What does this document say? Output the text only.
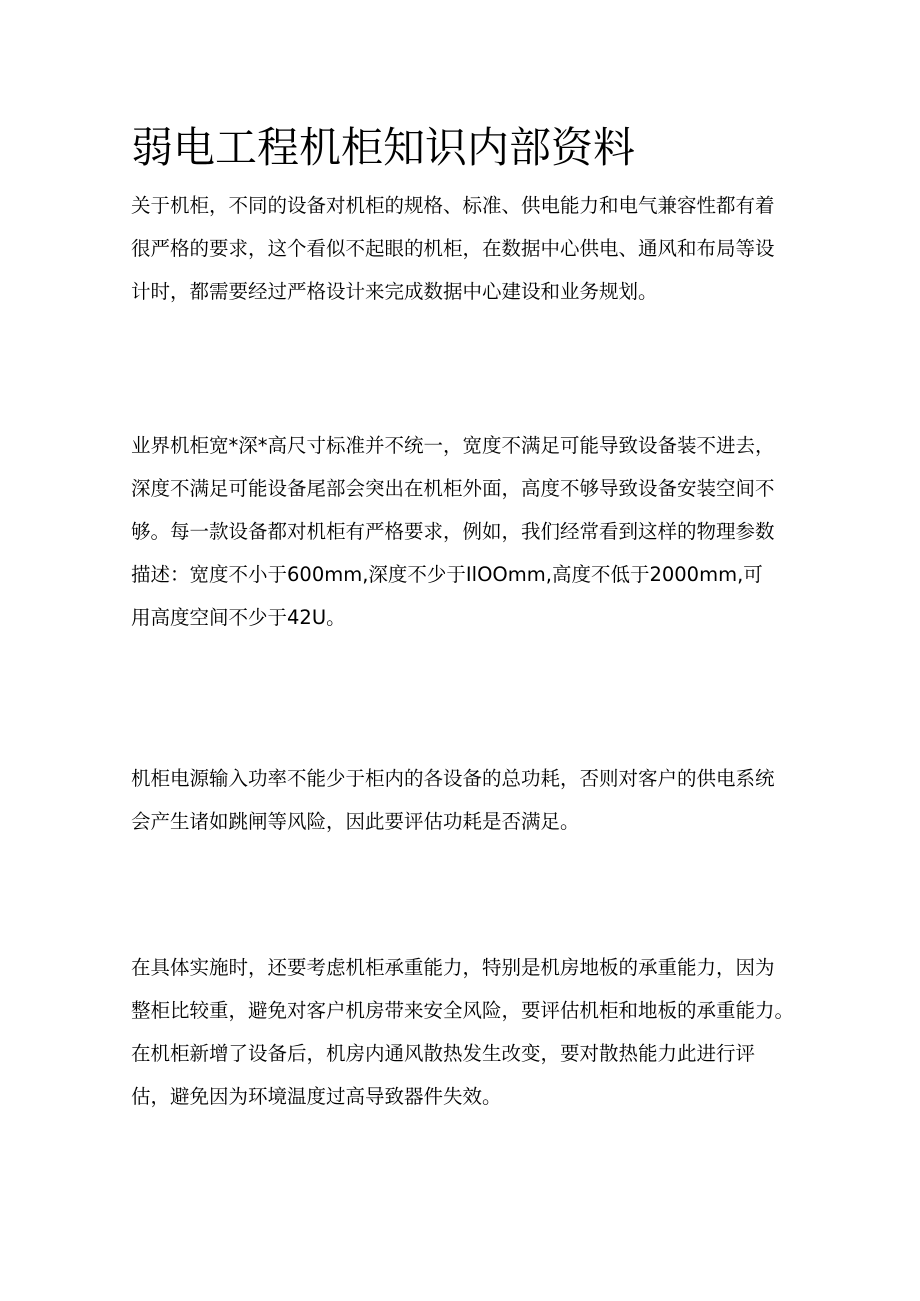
弱电工程机柜知识内部资料

关于机柜，不同的设备对机柜的规格、标准、供电能力和电气兼容性都有着
很严格的要求，这个看似不起眼的机柜，在数据中心供电、通风和布局等设
计时，都需要经过严格设计来完成数据中心建设和业务规划。

业界机柜宽*深*高尺寸标准并不统一，宽度不满足可能导致设备装不进去，
深度不满足可能设备尾部会突出在机柜外面，高度不够导致设备安装空间不
够。每一款设备都对机柜有严格要求，例如，我们经常看到这样的物理参数
描述：宽度不小于600mm,深度不少于IlOOmm,高度不低于2000mm,可
用高度空间不少于42U。

机柜电源输入功率不能少于柜内的各设备的总功耗，否则对客户的供电系统
会产生诸如跳闸等风险，因此要评估功耗是否满足。

在具体实施时，还要考虑机柜承重能力，特别是机房地板的承重能力，因为
整柜比较重，避免对客户机房带来安全风险，要评估机柜和地板的承重能力。
在机柜新增了设备后，机房内通风散热发生改变，要对散热能力此进行评
估，避免因为环境温度过高导致器件失效。
